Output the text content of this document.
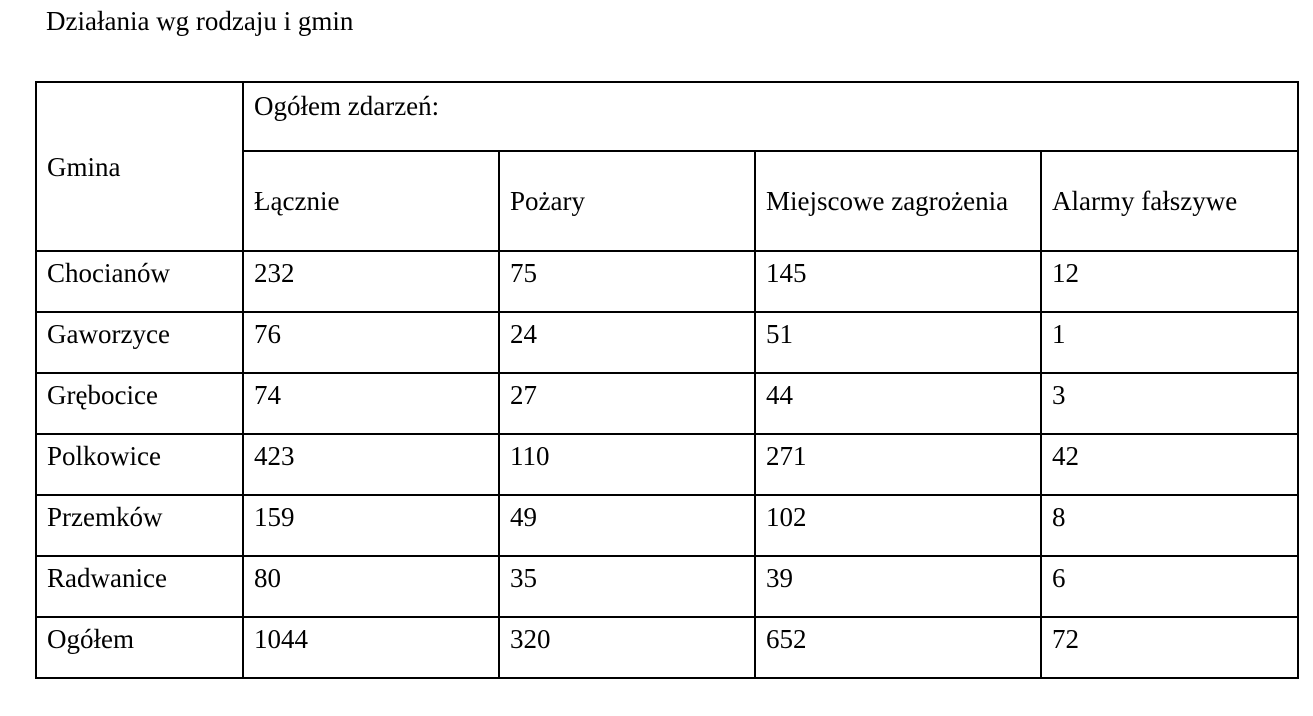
Działania wg rodzaju i gmin
Gmina	Ogółem zdarzeń:			
	Łącznie	Pożary	Miejscowe zagrożenia	Alarmy fałszywe
Chocianów	232	75	145	12
Gaworzyce	76	24	51	1
Grębocice	74	27	44	3
Polkowice	423	110	271	42
Przemków	159	49	102	8
Radwanice	80	35	39	6
Ogółem	1044	320	652	72
